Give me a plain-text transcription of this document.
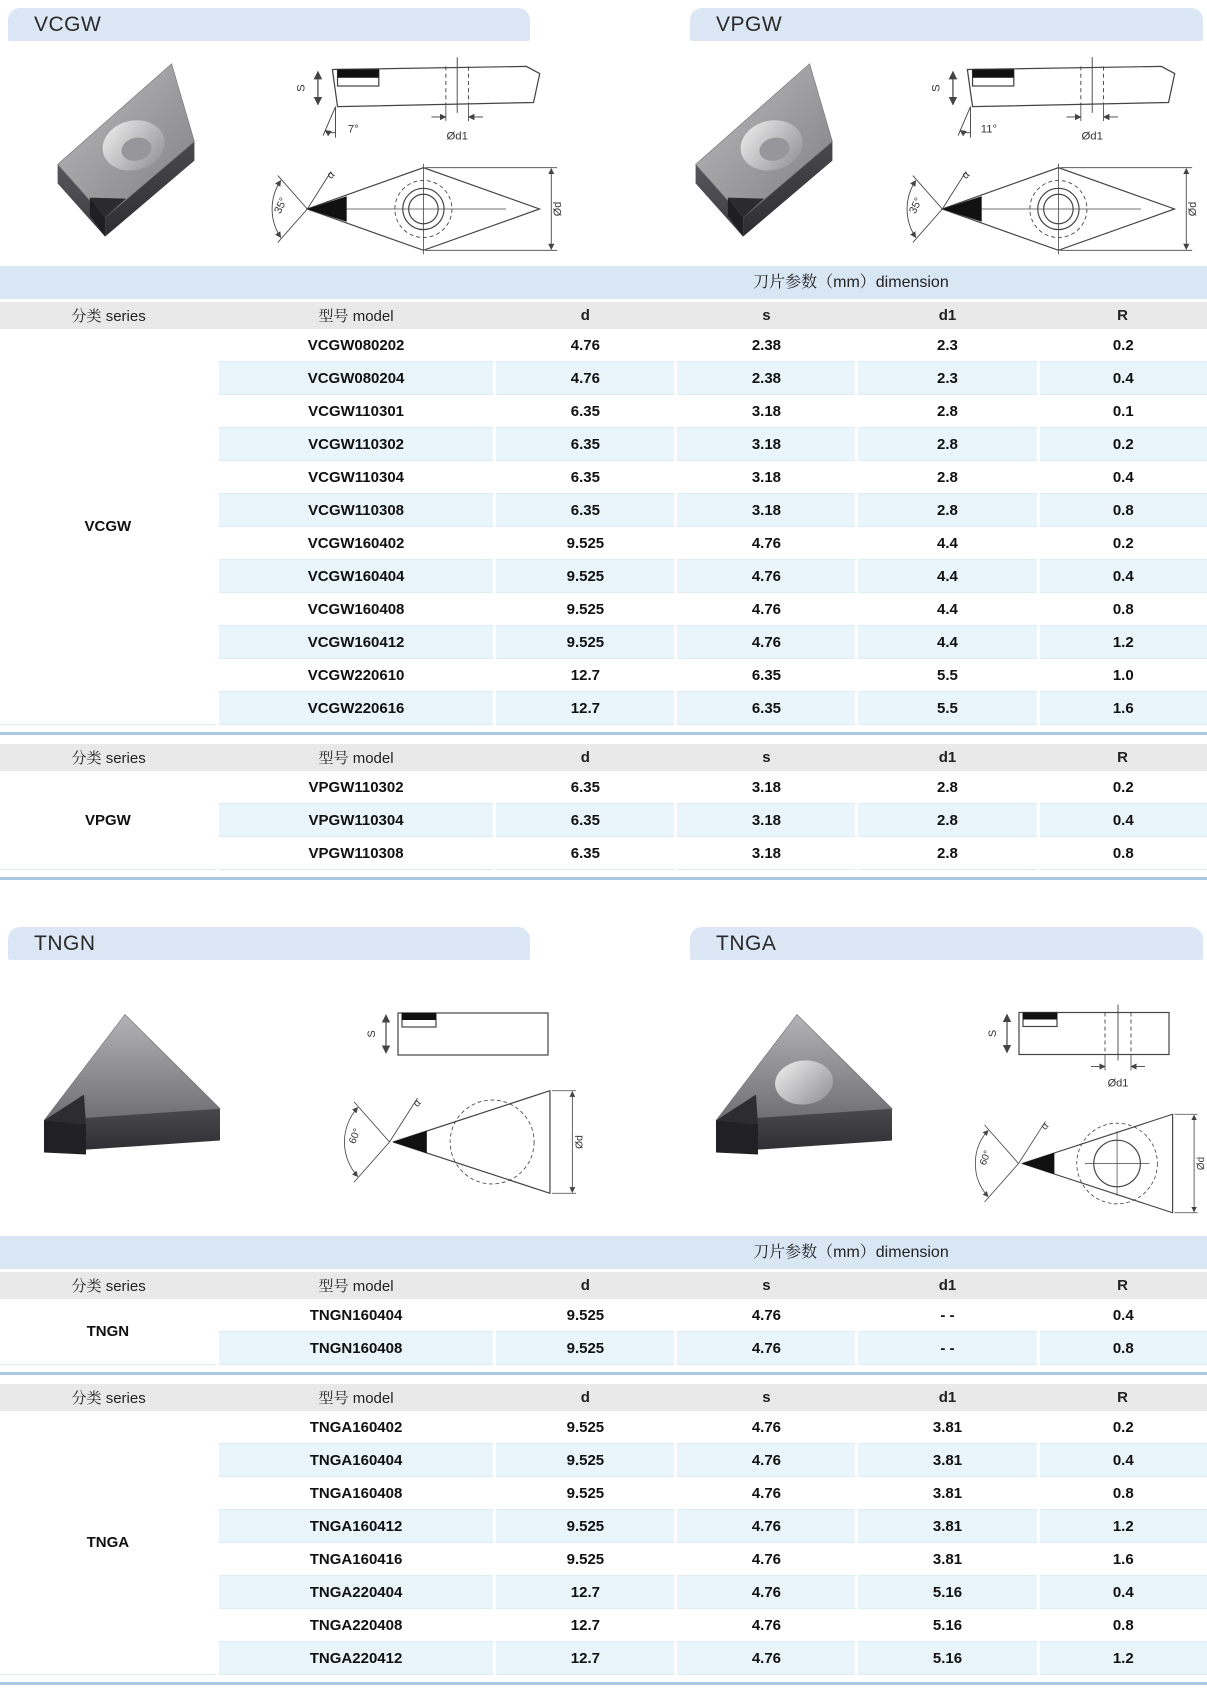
VCGW	VPGW
S
7°
Ød1
35°
α
Ød
S
11°
Ød1
35°
α
Ød
刀片参数（mm）dimension
分类 series	型号 model	d	s	d1	R
VCGW	VCGW080202	4.76	2.38	2.3	0.2
	VCGW080204	4.76	2.38	2.3	0.4
	VCGW110301	6.35	3.18	2.8	0.1
	VCGW110302	6.35	3.18	2.8	0.2
	VCGW110304	6.35	3.18	2.8	0.4
	VCGW110308	6.35	3.18	2.8	0.8
	VCGW160402	9.525	4.76	4.4	0.2
	VCGW160404	9.525	4.76	4.4	0.4
	VCGW160408	9.525	4.76	4.4	0.8
	VCGW160412	9.525	4.76	4.4	1.2
	VCGW220610	12.7	6.35	5.5	1.0
	VCGW220616	12.7	6.35	5.5	1.6
分类 series	型号 model	d	s	d1	R
VPGW	VPGW110302	6.35	3.18	2.8	0.2
	VPGW110304	6.35	3.18	2.8	0.4
	VPGW110308	6.35	3.18	2.8	0.8
TNGN	TNGA
S
60°
α
Ød
S
Ød1
60°
α
Ød
刀片参数（mm）dimension
分类 series	型号 model	d	s	d1	R
TNGN	TNGN160404	9.525	4.76	- -	0.4
	TNGN160408	9.525	4.76	- -	0.8
分类 series	型号 model	d	s	d1	R
TNGA	TNGA160402	9.525	4.76	3.81	0.2
	TNGA160404	9.525	4.76	3.81	0.4
	TNGA160408	9.525	4.76	3.81	0.8
	TNGA160412	9.525	4.76	3.81	1.2
	TNGA160416	9.525	4.76	3.81	1.6
	TNGA220404	12.7	4.76	5.16	0.4
	TNGA220408	12.7	4.76	5.16	0.8
	TNGA220412	12.7	4.76	5.16	1.2
